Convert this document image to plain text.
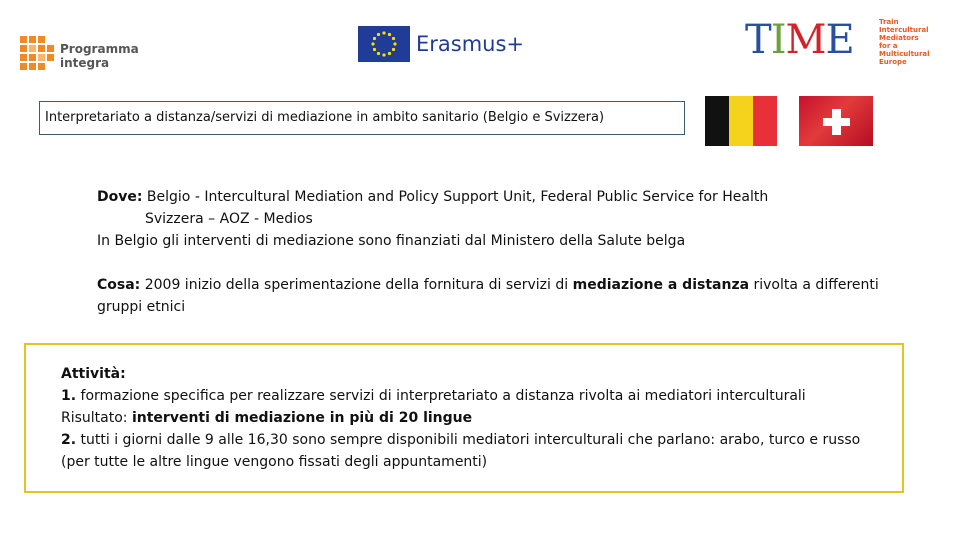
Programma
integra
Erasmus+	TIME	Train
Intercultural
Mediators
for a Multicultural
Europe
Interpretariato a distanza/servizi di mediazione in ambito sanitario (Belgio e Svizzera)
Dove: Belgio - Intercultural Mediation and Policy Support Unit, Federal Public Service for Health
Svizzera – AOZ - Medios
In Belgio gli interventi di mediazione sono finanziati dal Ministero della Salute belga
Cosa: 2009 inizio della sperimentazione della fornitura di servizi di mediazione a distanza rivolta a differenti
gruppi etnici
Attività:
1. formazione specifica per realizzare servizi di interpretariato a distanza rivolta ai mediatori interculturali
Risultato: interventi di mediazione in più di 20 lingue
2. tutti i giorni dalle 9 alle 16,30 sono sempre disponibili mediatori interculturali che parlano: arabo, turco e russo
(per tutte le altre lingue vengono fissati degli appuntamenti)
